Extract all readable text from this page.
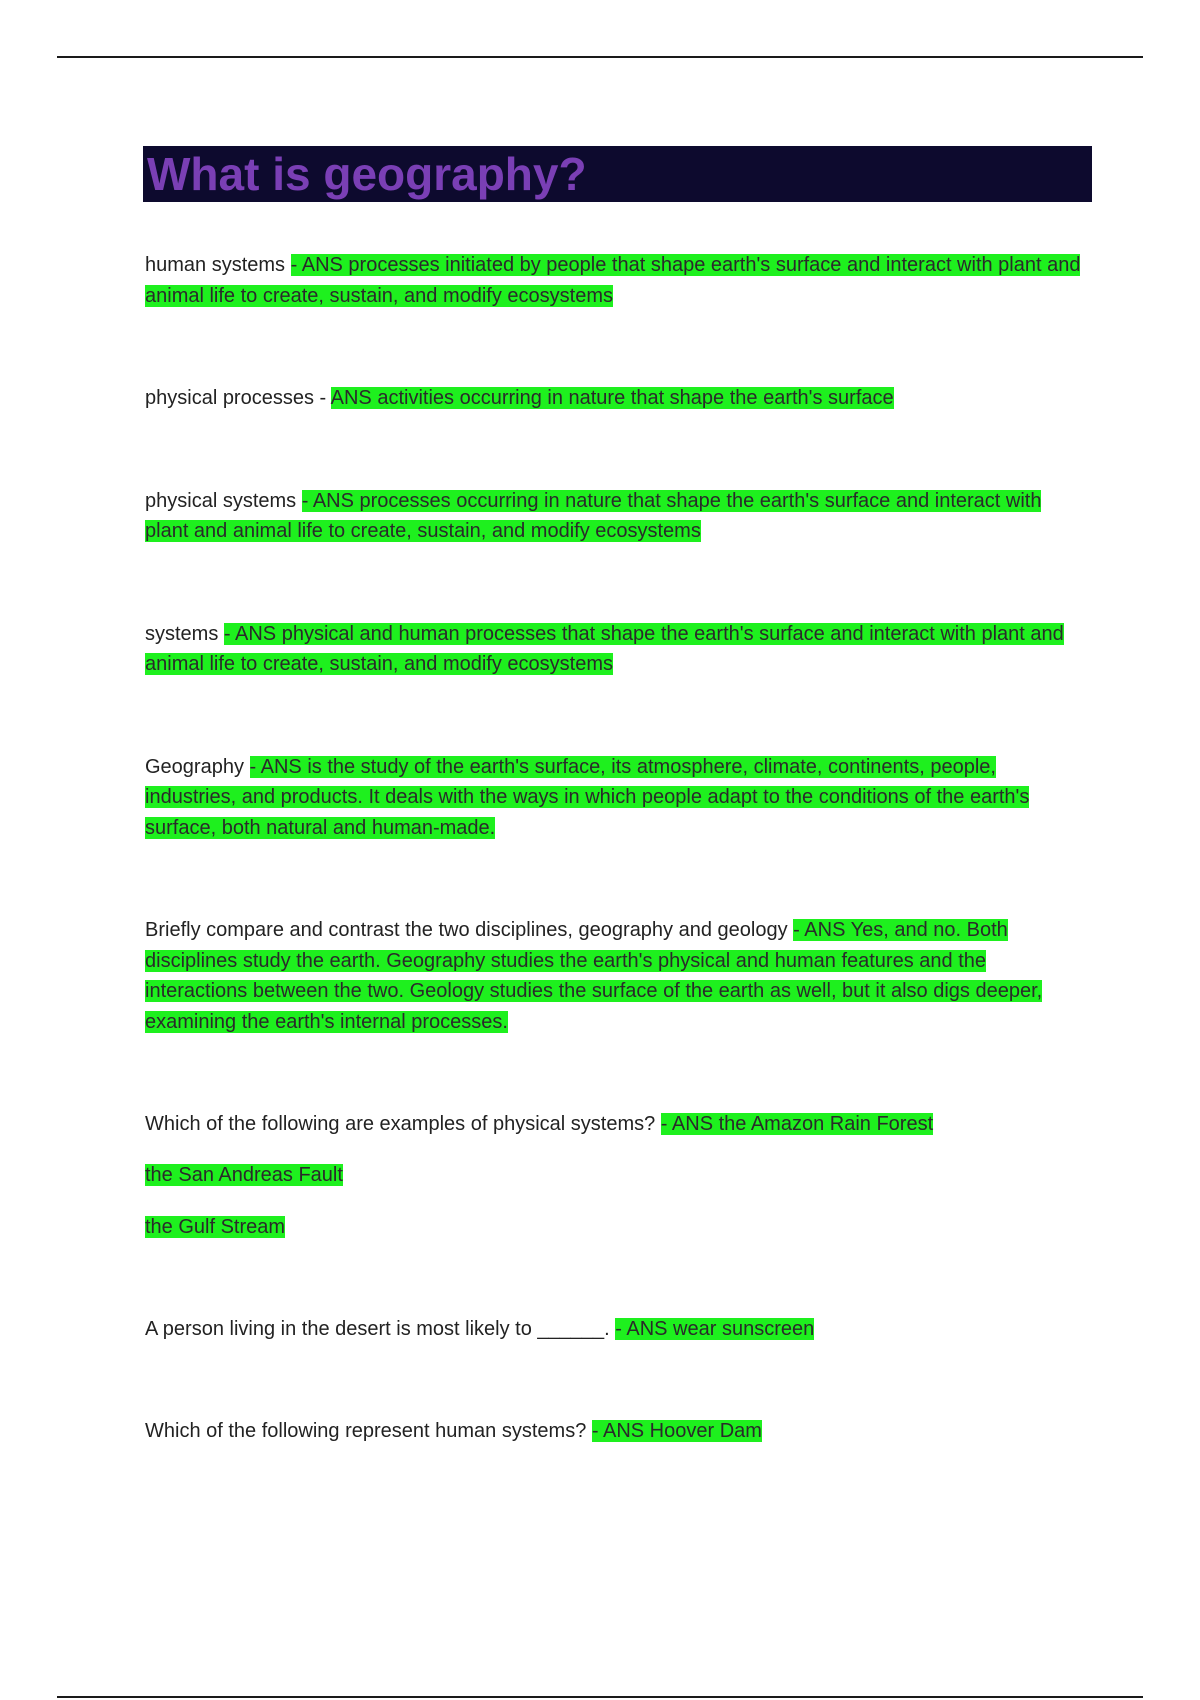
What is geography?

human systems - ANS processes initiated by people that shape earth's surface and interact with plant and animal life to create, sustain, and modify ecosystems

physical processes - ANS activities occurring in nature that shape the earth's surface

physical systems - ANS processes occurring in nature that shape the earth's surface and interact with plant and animal life to create, sustain, and modify ecosystems

systems - ANS physical and human processes that shape the earth's surface and interact with plant and animal life to create, sustain, and modify ecosystems

Geography - ANS is the study of the earth's surface, its atmosphere, climate, continents, people, industries, and products. It deals with the ways in which people adapt to the conditions of the earth's surface, both natural and human-made.

Briefly compare and contrast the two disciplines, geography and geology - ANS Yes, and no. Both disciplines study the earth. Geography studies the earth's physical and human features and the interactions between the two. Geology studies the surface of the earth as well, but it also digs deeper, examining the earth's internal processes.

Which of the following are examples of physical systems? - ANS the Amazon Rain Forest

the San Andreas Fault

the Gulf Stream

A person living in the desert is most likely to ______. - ANS wear sunscreen

Which of the following represent human systems? - ANS Hoover Dam
